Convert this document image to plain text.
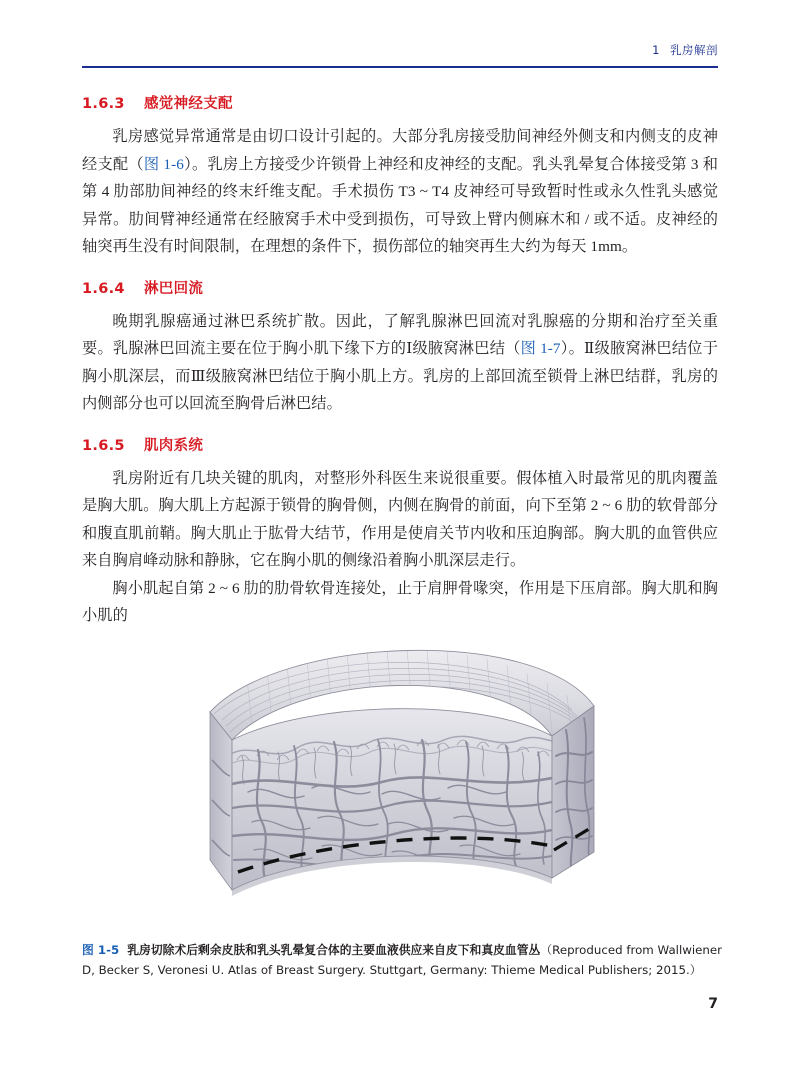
1 乳房解剖
1.6.3 感觉神经支配

乳房感觉异常通常是由切口设计引起的。大部分乳房接受肋间神经外侧支和内侧支的皮神经支配（图 1-6）。乳房上方接受少许锁骨上神经和皮神经的支配。乳头乳晕复合体接受第 3 和第 4 肋部肋间神经的终末纤维支配。手术损伤 T3 ~ T4 皮神经可导致暂时性或永久性乳头感觉异常。肋间臂神经通常在经腋窝手术中受到损伤，可导致上臂内侧麻木和 / 或不适。皮神经的轴突再生没有时间限制，在理想的条件下，损伤部位的轴突再生大约为每天 1mm。

1.6.4 淋巴回流

晚期乳腺癌通过淋巴系统扩散。因此，了解乳腺淋巴回流对乳腺癌的分期和治疗至关重要。乳腺淋巴回流主要在位于胸小肌下缘下方的Ⅰ级腋窝淋巴结（图 1-7）。Ⅱ级腋窝淋巴结位于胸小肌深层，而Ⅲ级腋窝淋巴结位于胸小肌上方。乳房的上部回流至锁骨上淋巴结群，乳房的内侧部分也可以回流至胸骨后淋巴结。

1.6.5 肌肉系统

乳房附近有几块关键的肌肉，对整形外科医生来说很重要。假体植入时最常见的肌肉覆盖是胸大肌。胸大肌上方起源于锁骨的胸骨侧，内侧在胸骨的前面，向下至第 2 ~ 6 肋的软骨部分和腹直肌前鞘。胸大肌止于肱骨大结节，作用是使肩关节内收和压迫胸部。胸大肌的血管供应来自胸肩峰动脉和静脉，它在胸小肌的侧缘沿着胸小肌深层走行。

胸小肌起自第 2 ~ 6 肋的肋骨软骨连接处，止于肩胛骨喙突，作用是下压肩部。胸大肌和胸小肌的

图 1-5 乳房切除术后剩余皮肤和乳头乳晕复合体的主要血液供应来自皮下和真皮血管丛（Reproduced from Wallwiener D, Becker S, Veronesi U. Atlas of Breast Surgery. Stuttgart, Germany: Thieme Medical Publishers; 2015.）
7
